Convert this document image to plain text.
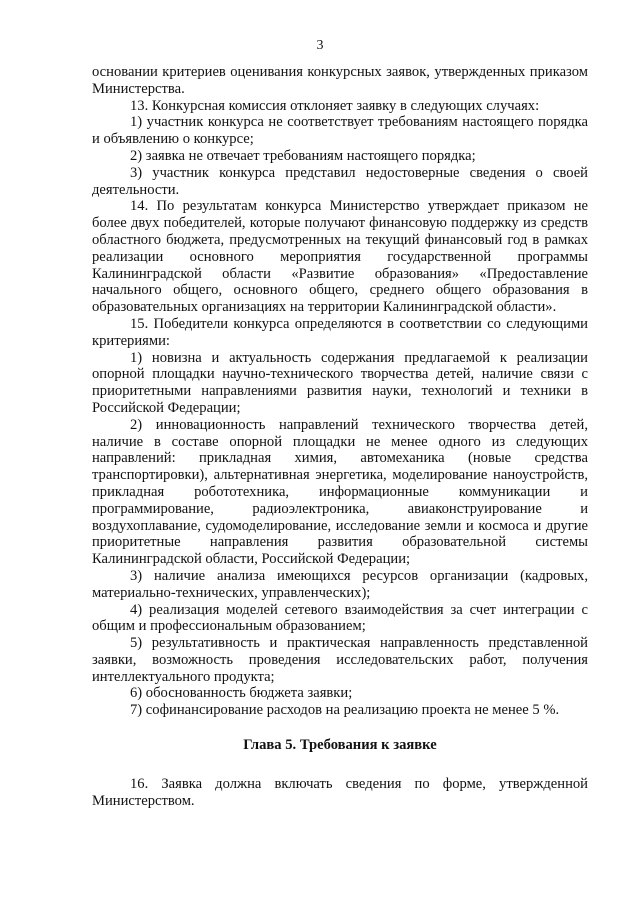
3

основании критериев оценивания конкурсных заявок, утвержденных приказом Министерства.

13. Конкурсная комиссия отклоняет заявку в следующих случаях:

1) участник конкурса не соответствует требованиям настоящего порядка и объявлению о конкурсе;

2) заявка не отвечает требованиям настоящего порядка;

3) участник конкурса представил недостоверные сведения о своей деятельности.

14. По результатам конкурса Министерство утверждает приказом не более двух победителей, которые получают финансовую поддержку из средств областного бюджета, предусмотренных на текущий финансовый год в рамках реализации основного мероприятия государственной программы Калининградской области «Развитие образования» «Предоставление начального общего, основного общего, среднего общего образования в образовательных организациях на территории Калининградской области».

15. Победители конкурса определяются в соответствии со следующими критериями:

1) новизна и актуальность содержания предлагаемой к реализации опорной площадки научно-технического творчества детей, наличие связи с приоритетными направлениями развития науки, технологий и техники в Российской Федерации;

2) инновационность направлений технического творчества детей, наличие в составе опорной площадки не менее одного из следующих направлений: прикладная химия, автомеханика (новые средства транспортировки), альтернативная энергетика, моделирование наноустройств, прикладная робототехника, информационные коммуникации и программирование, радиоэлектроника, авиаконструирование и воздухоплавание, судомоделирование, исследование земли и космоса и другие приоритетные направления развития образовательной системы Калининградской области, Российской Федерации;

3) наличие анализа имеющихся ресурсов организации (кадровых, материально-технических, управленческих);

4) реализация моделей сетевого взаимодействия за счет интеграции с общим и профессиональным образованием;

5) результативность и практическая направленность представленной заявки, возможность проведения исследовательских работ, получения интеллектуального продукта;

6) обоснованность бюджета заявки;

7) софинансирование расходов на реализацию проекта не менее 5 %.

Глава 5. Требования к заявке

16. Заявка должна включать сведения по форме, утвержденной Министерством.
